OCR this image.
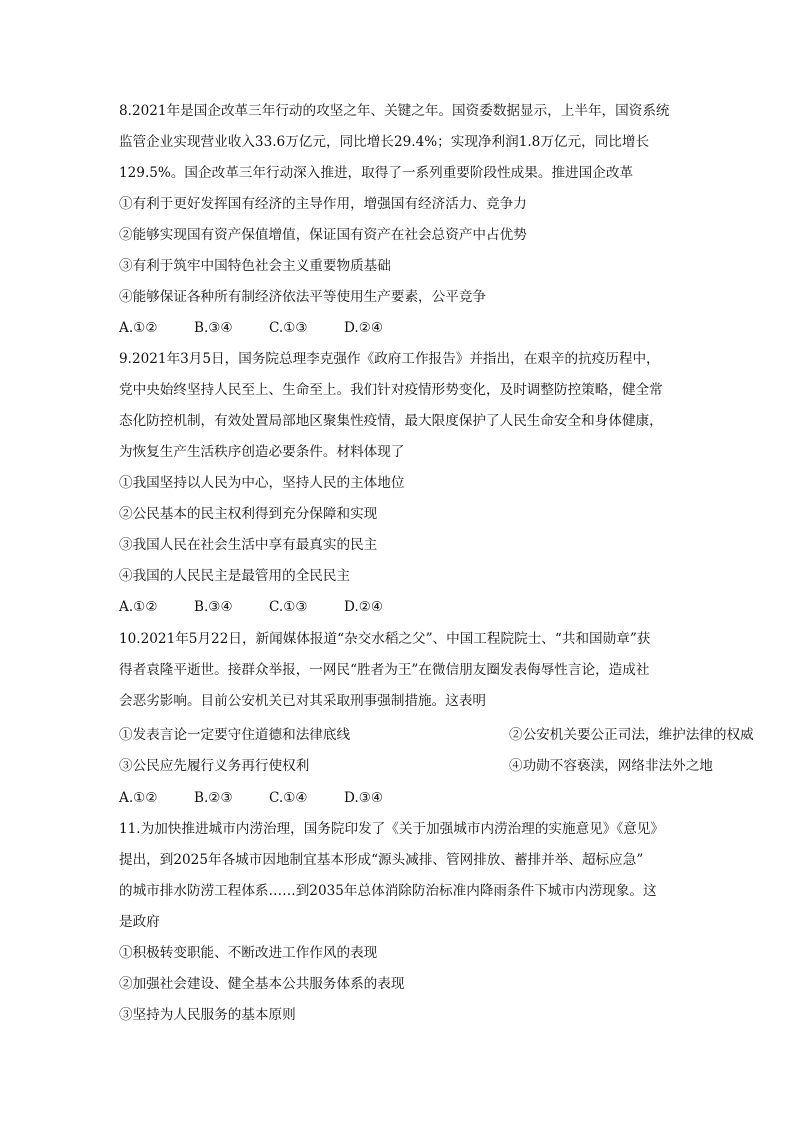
8.2021年是国企改革三年行动的攻坚之年、关键之年。国资委数据显示，上半年，国资系统
监管企业实现营业收入33.6万亿元，同比增长29.4%；实现净利润1.8万亿元，同比增长
129.5%。国企改革三年行动深入推进，取得了一系列重要阶段性成果。推进国企改革
①有利于更好发挥国有经济的主导作用，增强国有经济活力、竞争力
②能够实现国有资产保值增值，保证国有资产在社会总资产中占优势
③有利于筑牢中国特色社会主义重要物质基础
④能够保证各种所有制经济依法平等使用生产要素，公平竞争
A.①②	B.③④	C.①③	D.②④
9.2021年3月5日，国务院总理李克强作《政府工作报告》并指出，在艰辛的抗疫历程中，
党中央始终坚持人民至上、生命至上。我们针对疫情形势变化，及时调整防控策略，健全常
态化防控机制，有效处置局部地区聚集性疫情，最大限度保护了人民生命安全和身体健康，
为恢复生产生活秩序创造必要条件。材料体现了
①我国坚持以人民为中心，坚持人民的主体地位
②公民基本的民主权利得到充分保障和实现
③我国人民在社会生活中享有最真实的民主
④我国的人民民主是最管用的全民民主
A.①②	B.③④	C.①③	D.②④
10.2021年5月22日，新闻媒体报道“杂交水稻之父”、中国工程院院士、“共和国勋章”获
得者袁隆平逝世。接群众举报，一网民“胜者为王”在微信朋友圈发表侮辱性言论，造成社
会恶劣影响。目前公安机关已对其采取刑事强制措施。这表明
①发表言论一定要守住道德和法律底线	②公安机关要公正司法，维护法律的权威
③公民应先履行义务再行使权利	④功勋不容亵渎，网络非法外之地
A.①②	B.②③	C.①④	D.③④
11.为加快推进城市内涝治理，国务院印发了《关于加强城市内涝治理的实施意见》《意见》
提出，到2025年各城市因地制宜基本形成“源头减排、管网排放、蓄排并举、超标应急”
的城市排水防涝工程体系……到2035年总体消除防治标准内降雨条件下城市内涝现象。这
是政府
①积极转变职能、不断改进工作作风的表现
②加强社会建设、健全基本公共服务体系的表现
③坚持为人民服务的基本原则
